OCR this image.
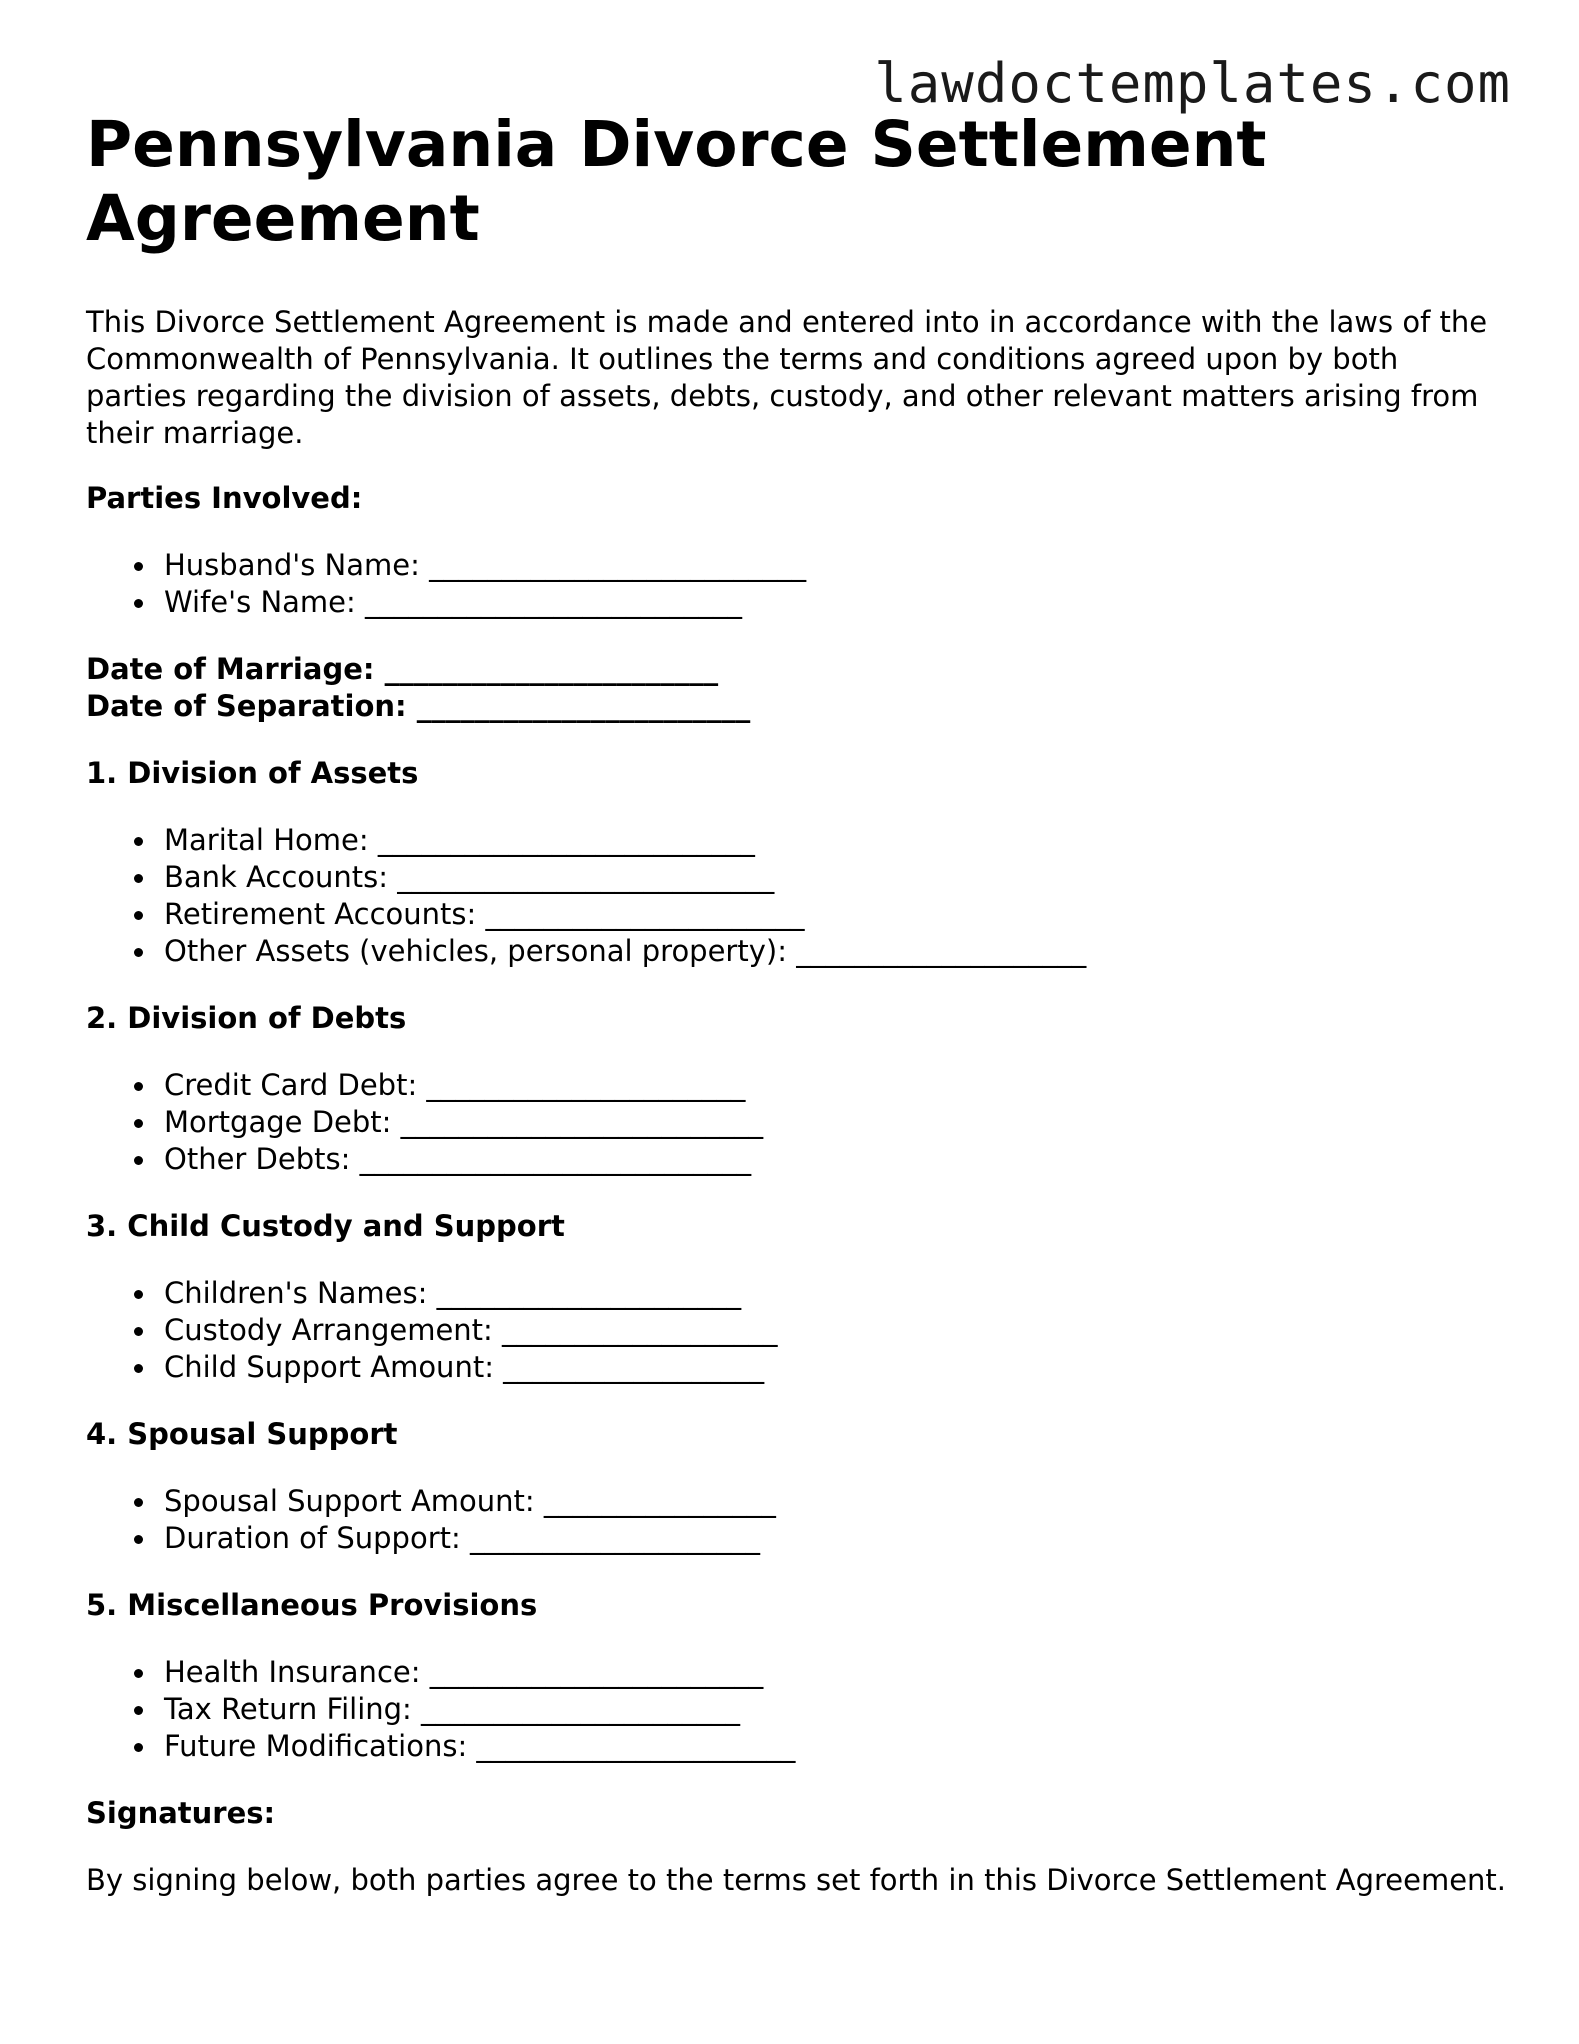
lawdoctemplates.com
Pennsylvania Divorce Settlement Agreement

This Divorce Settlement Agreement is made and entered into in accordance with the laws of the Commonwealth of Pennsylvania. It outlines the terms and conditions agreed upon by both parties regarding the division of assets, debts, custody, and other relevant matters arising from their marriage.

Parties Involved:

Husband's Name: __________________________
Wife's Name: __________________________

Date of Marriage: _______________________

Date of Separation: _______________________

1. Division of Assets

Marital Home: __________________________
Bank Accounts: __________________________
Retirement Accounts: ______________________
Other Assets (vehicles, personal property): ____________________

2. Division of Debts

Credit Card Debt: ______________________
Mortgage Debt: _________________________
Other Debts: ___________________________

3. Child Custody and Support

Children's Names: _____________________
Custody Arrangement: ___________________
Child Support Amount: __________________

4. Spousal Support

Spousal Support Amount: ________________
Duration of Support: ____________________

5. Miscellaneous Provisions

Health Insurance: _______________________
Tax Return Filing: ______________________
Future Modifications: ______________________

Signatures:

By signing below, both parties agree to the terms set forth in this Divorce Settlement Agreement.
